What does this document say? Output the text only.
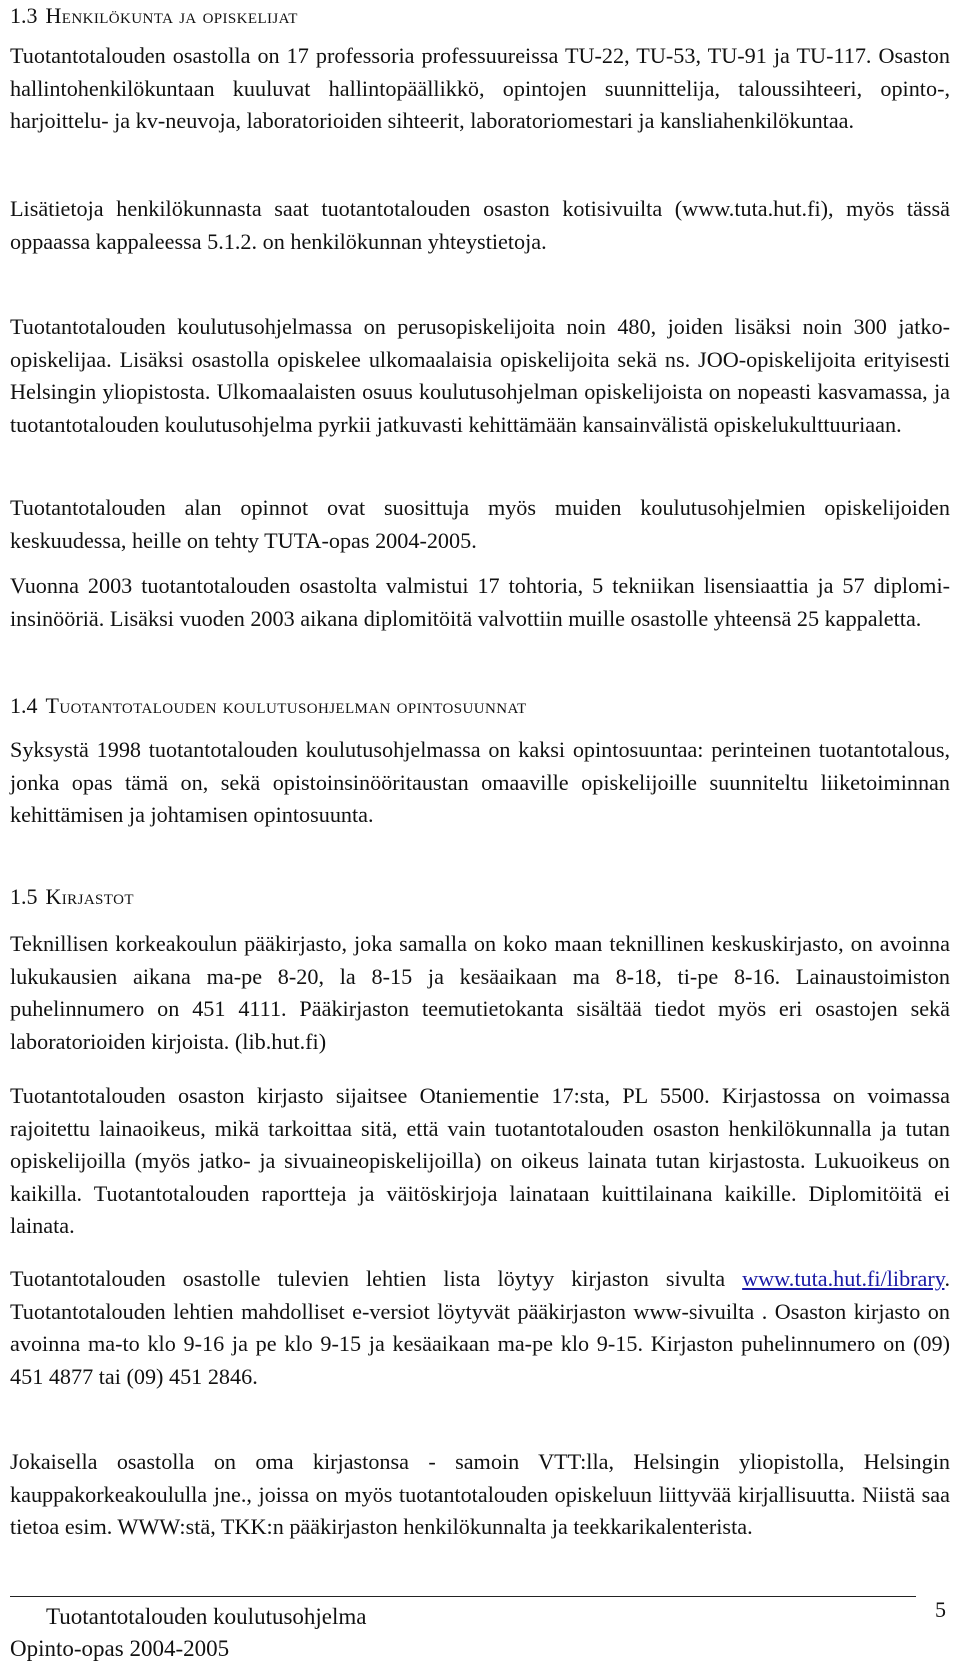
1.3 Henkilökunta ja opiskelijat

Tuotantotalouden osastolla on 17 professoria professuureissa TU-22, TU-53, TU-91 ja TU-117. Osaston hallintohenkilökuntaan kuuluvat hallintopäällikkö, opintojen suunnittelija, taloussihteeri, opinto-, harjoittelu- ja kv-neuvoja, laboratorioiden sihteerit, laboratoriomestari ja kansliahenkilökuntaa.

Lisätietoja henkilökunnasta saat tuotantotalouden osaston kotisivuilta (www.tuta.hut.fi), myös tässä oppaassa kappaleessa 5.1.2. on henkilökunnan yhteystietoja.

Tuotantotalouden koulutusohjelmassa on perusopiskelijoita noin 480, joiden lisäksi noin 300 jatko-opiskelijaa. Lisäksi osastolla opiskelee ulkomaalaisia opiskelijoita sekä ns. JOO-opiskelijoita erityisesti Helsingin yliopistosta. Ulkomaalaisten osuus koulutusohjelman opiskelijoista on nopeasti kasvamassa, ja tuotantotalouden koulutusohjelma pyrkii jatkuvasti kehittämään kansainvälistä opiskelukulttuuriaan.

Tuotantotalouden alan opinnot ovat suosittuja myös muiden koulutusohjelmien opiskelijoiden keskuudessa, heille on tehty TUTA-opas 2004-2005.

Vuonna 2003 tuotantotalouden osastolta valmistui 17 tohtoria, 5 tekniikan lisensiaattia ja 57 diplomi-insinööriä. Lisäksi vuoden 2003 aikana diplomitöitä valvottiin muille osastolle yhteensä 25 kappaletta.

1.4 Tuotantotalouden koulutusohjelman opintosuunnat

Syksystä 1998 tuotantotalouden koulutusohjelmassa on kaksi opintosuuntaa: perinteinen tuotantotalous, jonka opas tämä on, sekä opistoinsinööritaustan omaaville opiskelijoille suunniteltu liiketoiminnan kehittämisen ja johtamisen opintosuunta.

1.5 Kirjastot

Teknillisen korkeakoulun pääkirjasto, joka samalla on koko maan teknillinen keskuskirjasto, on avoinna lukukausien aikana ma-pe 8-20, la 8-15 ja kesäaikaan ma 8-18, ti-pe 8-16. Lainaustoimiston puhelinnumero on 451 4111. Pääkirjaston teemutietokanta sisältää tiedot myös eri osastojen sekä laboratorioiden kirjoista. (lib.hut.fi)

Tuotantotalouden osaston kirjasto sijaitsee Otaniementie 17:sta, PL 5500. Kirjastossa on voimassa rajoitettu lainaoikeus, mikä tarkoittaa sitä, että vain tuotantotalouden osaston henkilökunnalla ja tutan opiskelijoilla (myös jatko- ja sivuaineopiskelijoilla) on oikeus lainata tutan kirjastosta. Lukuoikeus on kaikilla. Tuotantotalouden raportteja ja väitöskirjoja lainataan kuittilainana kaikille. Diplomitöitä ei lainata.

Tuotantotalouden osastolle tulevien lehtien lista löytyy kirjaston sivulta www.tuta.hut.fi/library. Tuotantotalouden lehtien mahdolliset e-versiot löytyvät pääkirjaston www-sivuilta . Osaston kirjasto on avoinna ma-to klo 9-16 ja pe klo 9-15 ja kesäaikaan ma-pe klo 9-15. Kirjaston puhelinnumero on (09) 451 4877 tai (09) 451 2846.

Jokaisella osastolla on oma kirjastonsa - samoin VTT:lla, Helsingin yliopistolla, Helsingin kauppakorkeakoululla jne., joissa on myös tuotantotalouden opiskeluun liittyvää kirjallisuutta. Niistä saa tietoa esim. WWW:stä, TKK:n pääkirjaston henkilökunnalta ja teekkarikalenterista.

Tuotantotalouden koulutusohjelma
Opinto-opas 2004-2005
5
